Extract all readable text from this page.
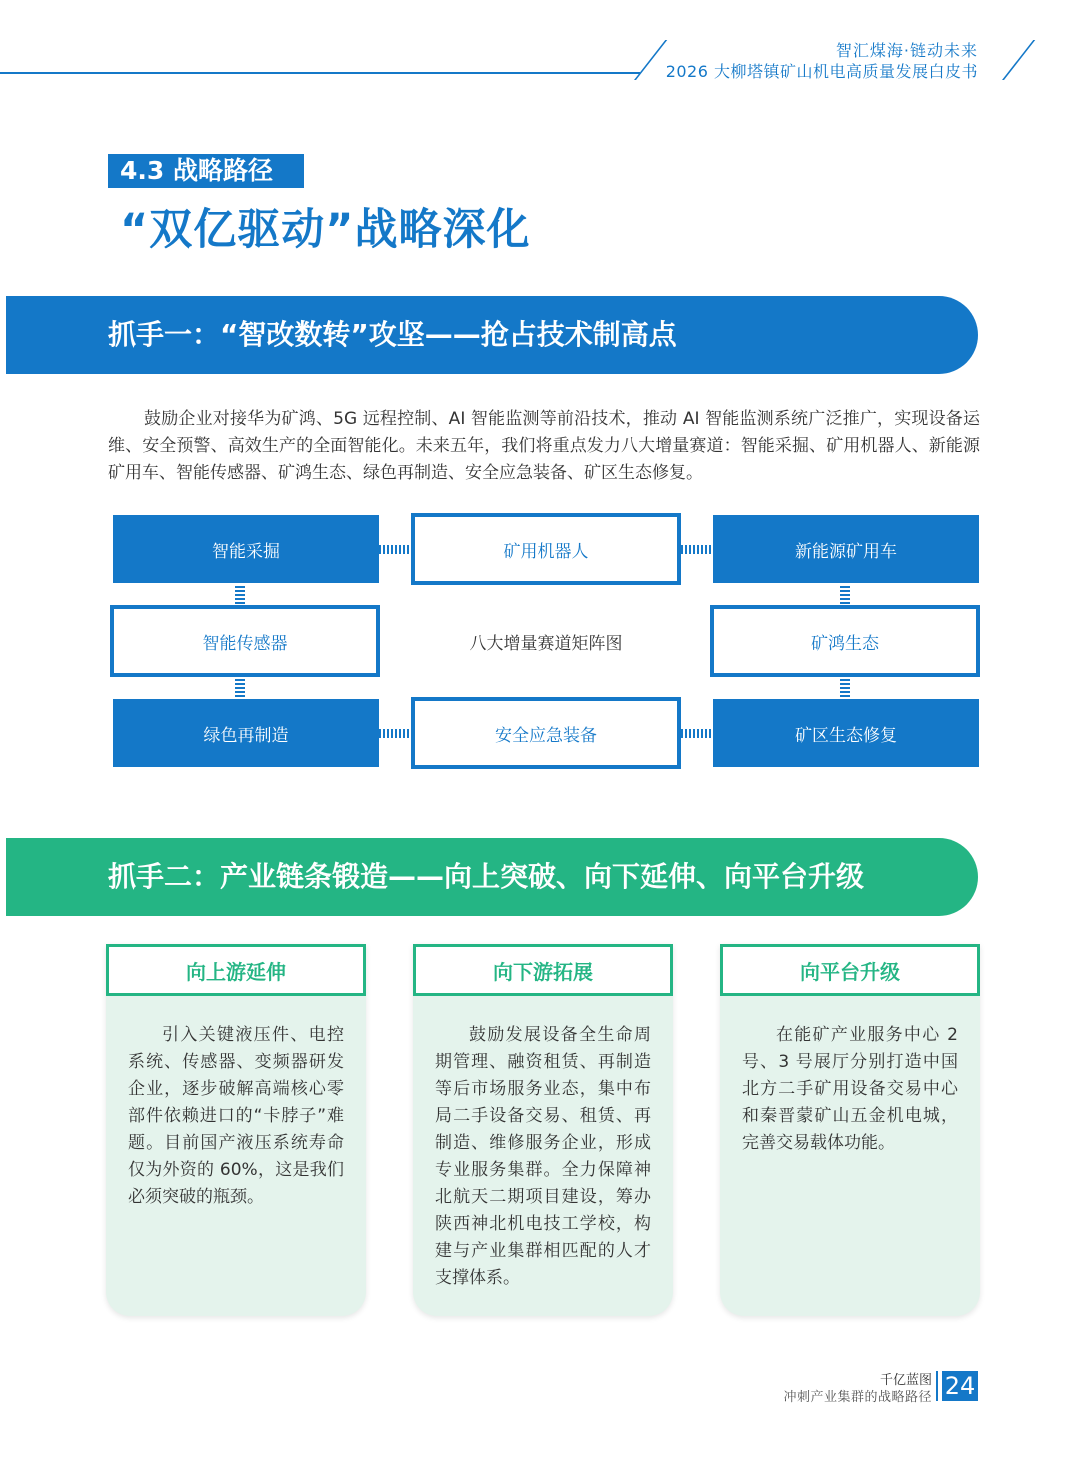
智汇煤海·链动未来
2026 大柳塔镇矿山机电高质量发展白皮书
4.3 战略路径
“双亿驱动”战略深化
抓手一：“智改数转”攻坚——抢占技术制高点
鼓励企业对接华为矿鸿、5G 远程控制、AI 智能监测等前沿技术，推动 AI 智能监测系统广泛推广，实现设备运维、安全预警、高效生产的全面智能化。未来五年，我们将重点发力八大增量赛道：智能采掘、矿用机器人、新能源矿用车、智能传感器、矿鸿生态、绿色再制造、安全应急装备、矿区生态修复。
智能采掘	矿用机器人	新能源矿用车
智能传感器	八大增量赛道矩阵图	矿鸿生态
绿色再制造	安全应急装备	矿区生态修复
抓手二：产业链条锻造——向上突破、向下延伸、向平台升级
向上游延伸
引入关键液压件、电控系统、传感器、变频器研发企业，逐步破解高端核心零部件依赖进口的“卡脖子”难题。目前国产液压系统寿命仅为外资的 60%，这是我们必须突破的瓶颈。
向下游拓展
鼓励发展设备全生命周期管理、融资租赁、再制造等后市场服务业态，集中布局二手设备交易、租赁、再制造、维修服务企业，形成专业服务集群。全力保障神北航天二期项目建设，筹办陕西神北机电技工学校，构建与产业集群相匹配的人才支撑体系。
向平台升级
在能矿产业服务中心 2 号、3 号展厅分别打造中国北方二手矿用设备交易中心和秦晋蒙矿山五金机电城，完善交易载体功能。
千亿蓝图
冲刺产业集群的战略路径 24
